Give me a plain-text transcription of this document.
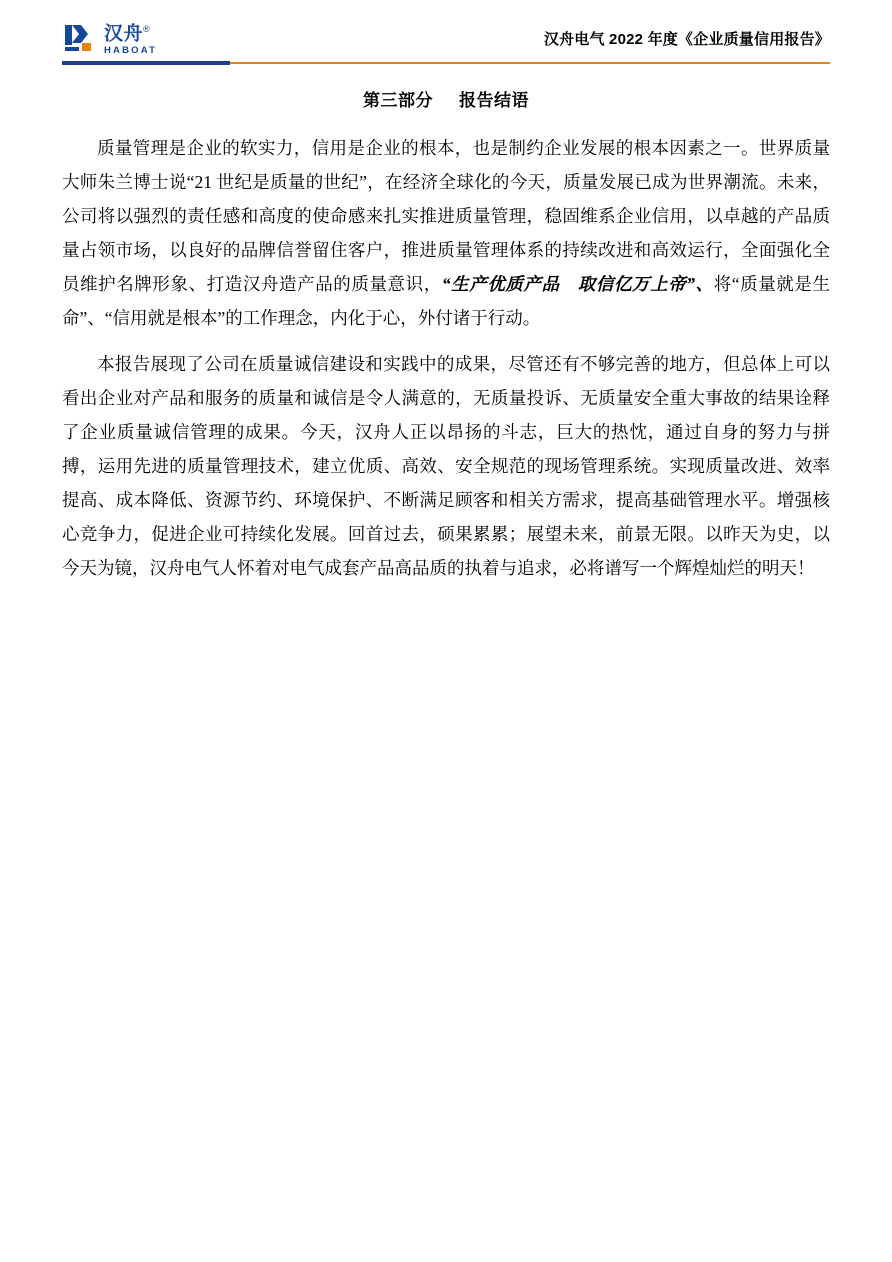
汉舟®
HABOAT
汉舟电气 2022 年度《企业质量信用报告》
第三部分 报告结语

质量管理是企业的软实力，信用是企业的根本，也是制约企业发展的根本因素之一。世界质量大师朱兰博士说“21 世纪是质量的世纪”，在经济全球化的今天，质量发展已成为世界潮流。未来，公司将以强烈的责任感和高度的使命感来扎实推进质量管理，稳固维系企业信用，以卓越的产品质量占领市场，以良好的品牌信誉留住客户，推进质量管理体系的持续改进和高效运行，全面强化全员维护名牌形象、打造汉舟造产品的质量意识，“生产优质产品　取信亿万上帝”、将“质量就是生命”、“信用就是根本”的工作理念，内化于心，外付诸于行动。

本报告展现了公司在质量诚信建设和实践中的成果，尽管还有不够完善的地方，但总体上可以看出企业对产品和服务的质量和诚信是令人满意的，无质量投诉、无质量安全重大事故的结果诠释了企业质量诚信管理的成果。今天，汉舟人正以昂扬的斗志，巨大的热忱，通过自身的努力与拼搏，运用先进的质量管理技术，建立优质、高效、安全规范的现场管理系统。实现质量改进、效率提高、成本降低、资源节约、环境保护、不断满足顾客和相关方需求，提高基础管理水平。增强核心竞争力，促进企业可持续化发展。回首过去，硕果累累；展望未来，前景无限。以昨天为史，以今天为镜，汉舟电气人怀着对电气成套产品高品质的执着与追求，必将谱写一个辉煌灿烂的明天！
